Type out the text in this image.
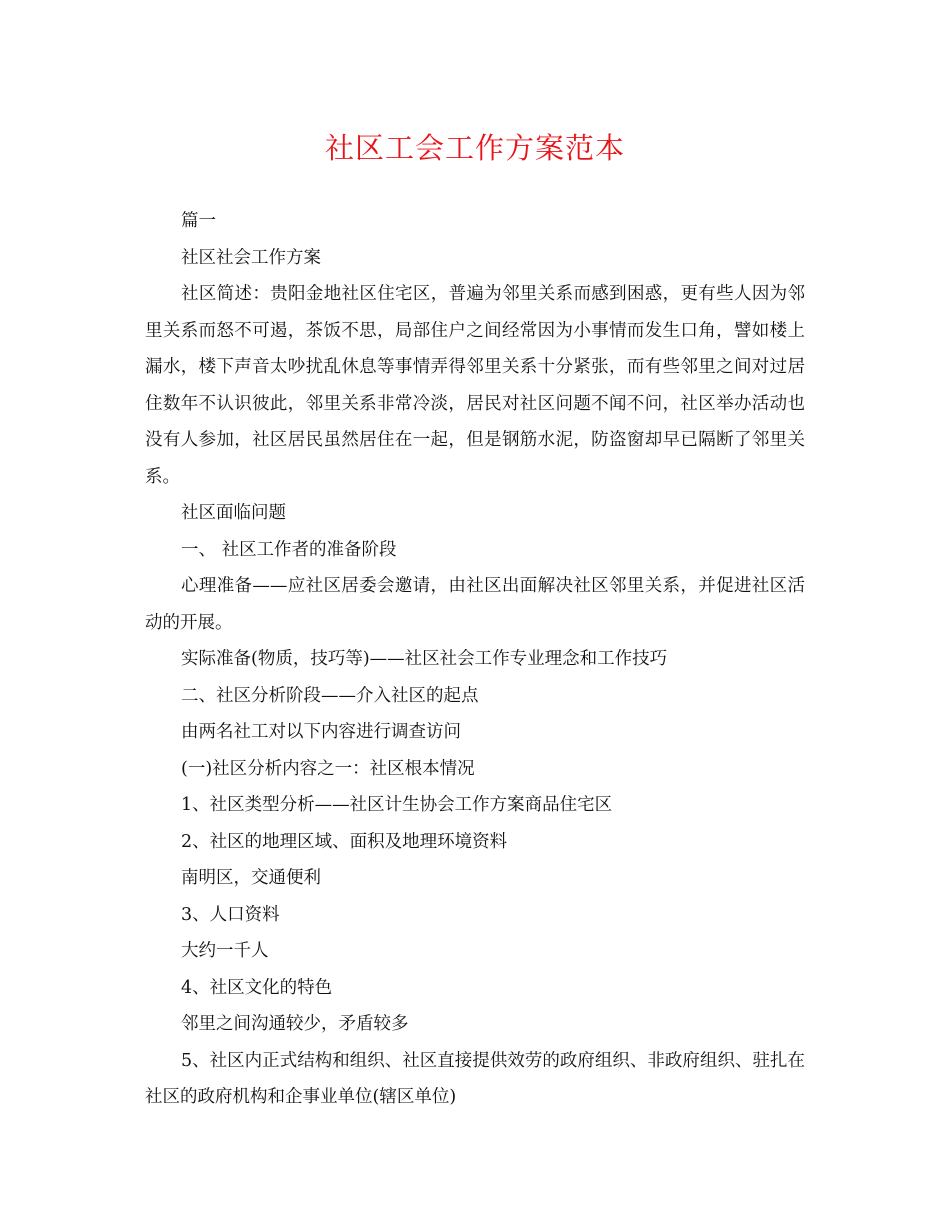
社区工会工作方案范本

篇一

社区社会工作方案

社区简述：贵阳金地社区住宅区，普遍为邻里关系而感到困惑，更有些人因为邻里关系而怒不可遏，茶饭不思，局部住户之间经常因为小事情而发生口角，譬如楼上漏水，楼下声音太吵扰乱休息等事情弄得邻里关系十分紧张，而有些邻里之间对过居住数年不认识彼此，邻里关系非常冷淡，居民对社区问题不闻不问，社区举办活动也没有人参加，社区居民虽然居住在一起，但是钢筋水泥，防盗窗却早已隔断了邻里关系。

社区面临问题

一、 社区工作者的准备阶段

心理准备——应社区居委会邀请，由社区出面解决社区邻里关系，并促进社区活动的开展。

实际准备(物质，技巧等)——社区社会工作专业理念和工作技巧

二、社区分析阶段——介入社区的起点

由两名社工对以下内容进行调查访问

(一)社区分析内容之一：社区根本情况

1、社区类型分析——社区计生协会工作方案商品住宅区

2、社区的地理区域、面积及地理环境资料

南明区，交通便利

3、人口资料

大约一千人

4、社区文化的特色

邻里之间沟通较少，矛盾较多

5、社区内正式结构和组织、社区直接提供效劳的政府组织、非政府组织、驻扎在社区的政府机构和企事业单位(辖区单位)
